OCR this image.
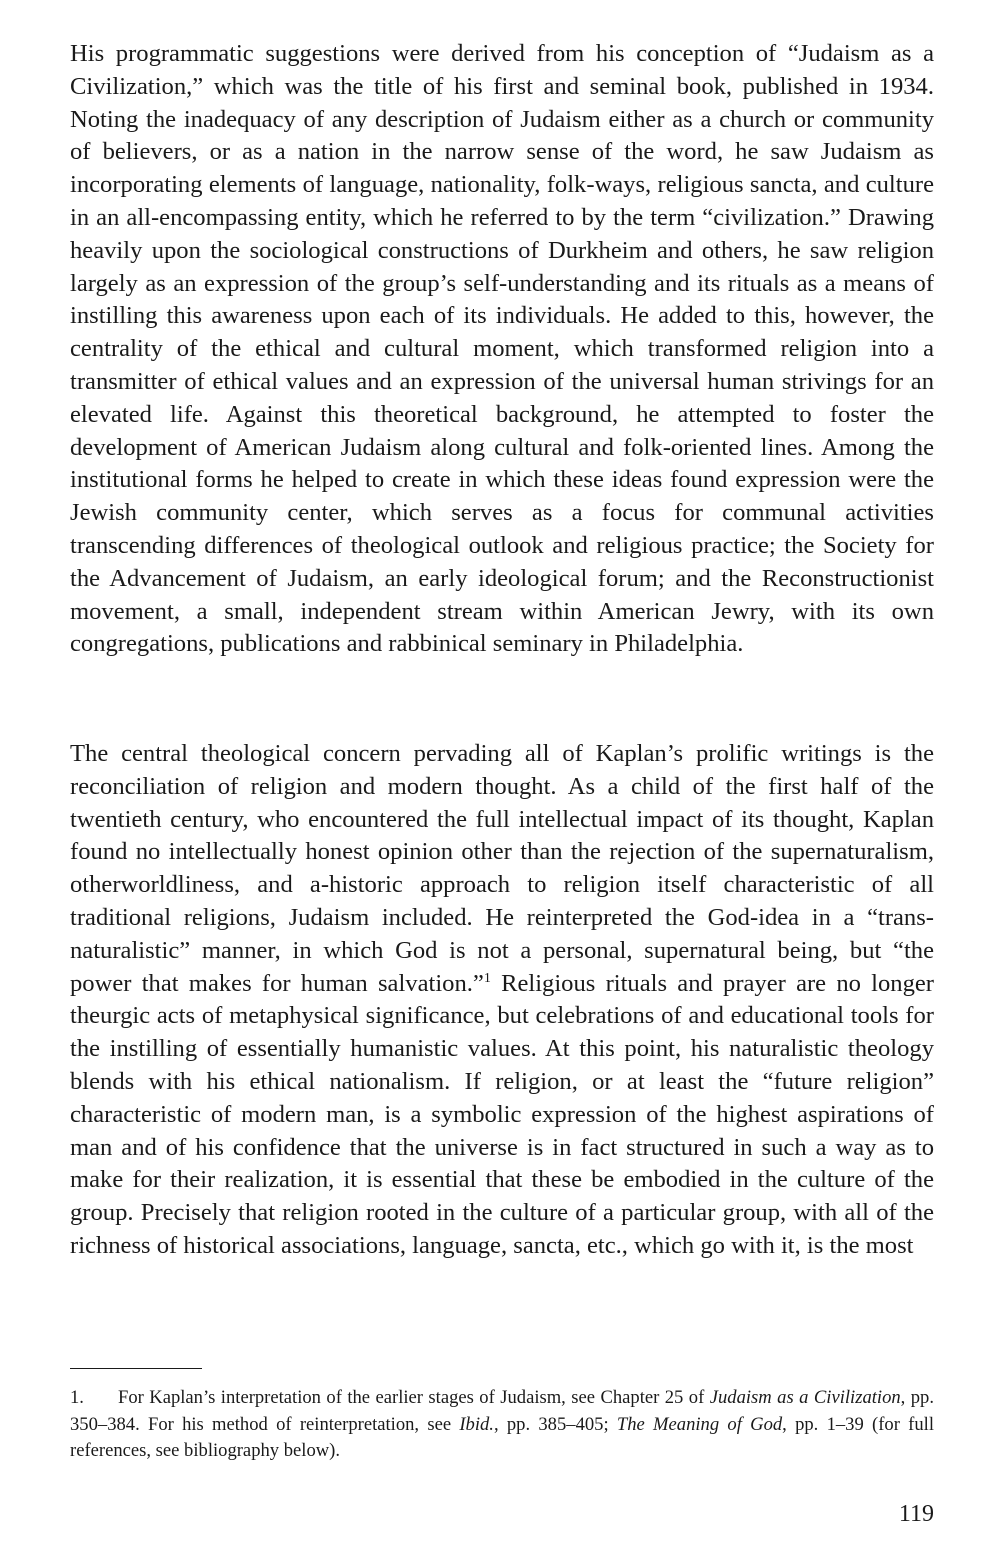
His programmatic suggestions were derived from his conception of “Judaism as a Civilization,” which was the title of his first and seminal book, published in 1934. Noting the inadequacy of any description of Judaism either as a church or community of believers, or as a nation in the narrow sense of the word, he saw Judaism as incorporating elements of language, nationality, folk-ways, religious sancta, and culture in an all-encompassing entity, which he referred to by the term “civilization.” Drawing heavily upon the sociological constructions of Durkheim and others, he saw religion largely as an expression of the group’s self-understanding and its rituals as a means of instilling this awareness upon each of its individuals. He added to this, however, the centrality of the ethical and cultural moment, which transformed religion into a transmitter of ethical values and an expression of the universal human strivings for an elevated life. Against this theoretical background, he attempted to foster the development of American Judaism along cultural and folk-oriented lines. Among the institutional forms he helped to create in which these ideas found expression were the Jewish community center, which serves as a focus for communal activities transcending differences of theological outlook and religious practice; the Society for the Advancement of Judaism, an early ideological forum; and the Reconstructionist movement, a small, independent stream within American Jewry, with its own congregations, publications and rabbinical seminary in Philadelphia.

The central theological concern pervading all of Kaplan’s prolific writings is the reconciliation of religion and modern thought. As a child of the first half of the twentieth century, who encountered the full intellectual impact of its thought, Kaplan found no intellectually honest opinion other than the rejection of the supernaturalism, otherworldliness, and a-historic approach to religion itself characteristic of all traditional religions, Judaism included. He reinterpreted the God-idea in a “trans-naturalistic” manner, in which God is not a personal, supernatural being, but “the power that makes for human salvation.”$^1$ Religious rituals and prayer are no longer theurgic acts of metaphysical significance, but celebrations of and educational tools for the instilling of essentially humanistic values. At this point, his naturalistic theology blends with his ethical nationalism. If religion, or at least the “future religion” characteristic of modern man, is a symbolic expression of the highest aspirations of man and of his confidence that the universe is in fact structured in such a way as to make for their realization, it is essential that these be embodied in the culture of the group. Precisely that religion rooted in the culture of a particular group, with all of the richness of historical associations, language, sancta, etc., which go with it, is the most

1. For Kaplan’s interpretation of the earlier stages of Judaism, see Chapter 25 of Judaism as a Civilization, pp. 350–384. For his method of reinterpretation, see Ibid., pp. 385–405; The Meaning of God, pp. 1–39 (for full references, see bibliography below).

119
